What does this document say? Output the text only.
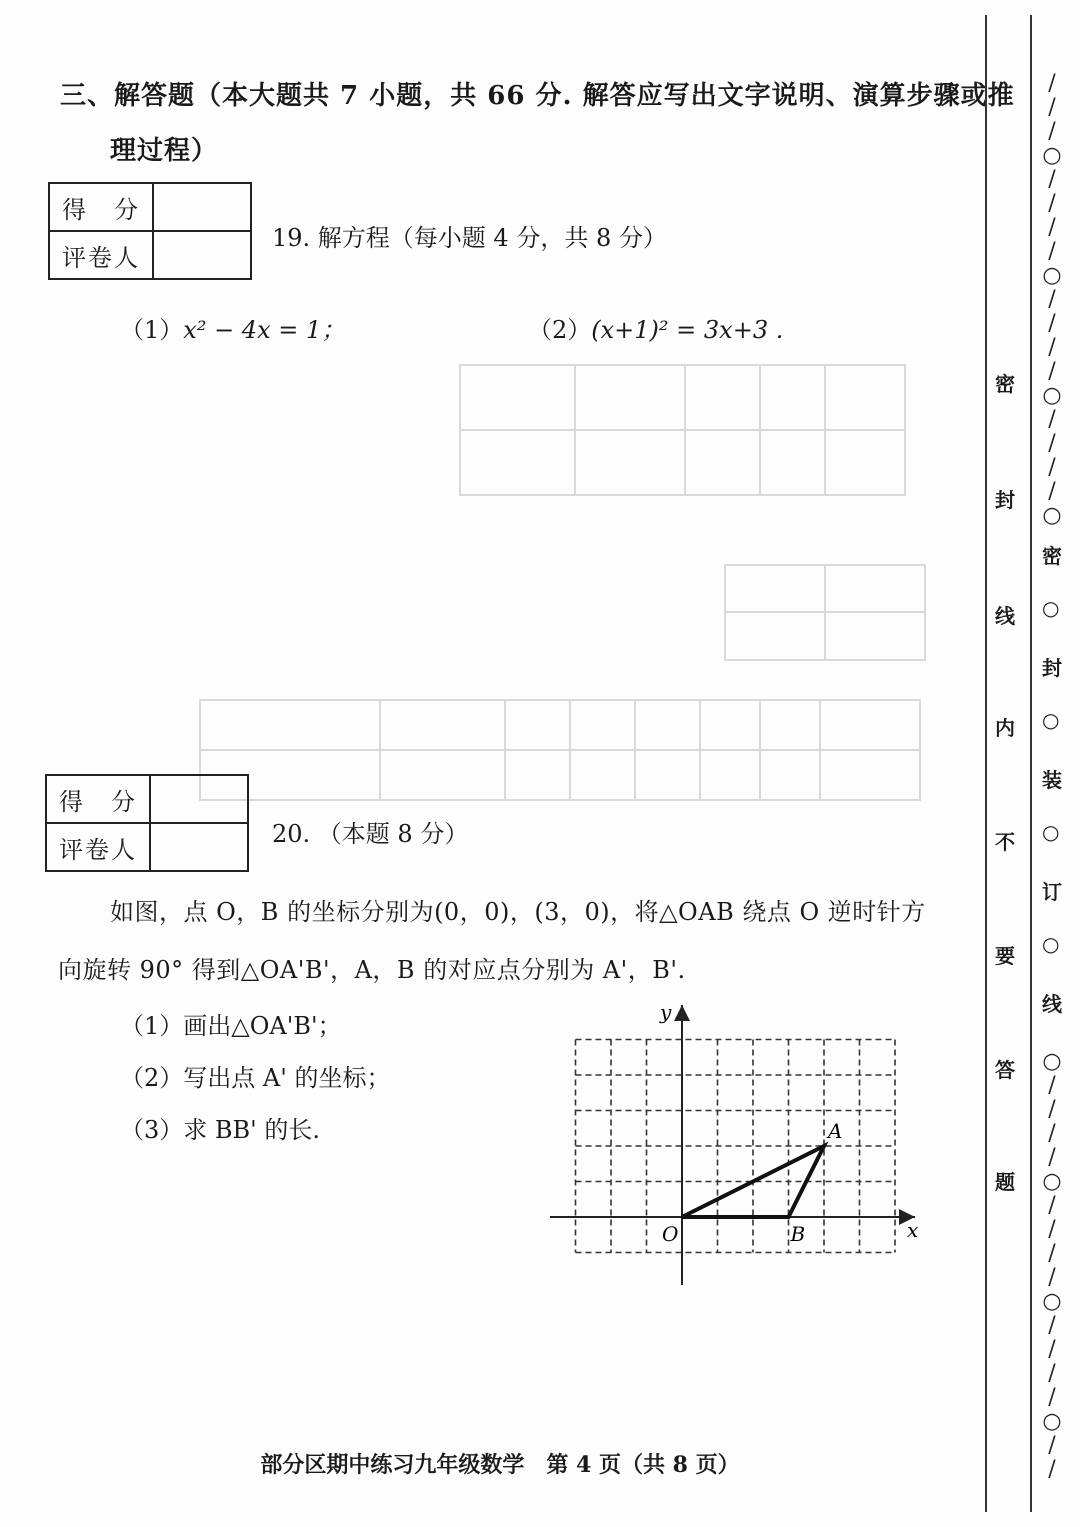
三、解答题（本大题共 7 小题，共 66 分. 解答应写出文字说明、演算步骤或推
理过程）
得　分	
评卷人	
19. 解方程（每小题 4 分，共 8 分）
（1）x² − 4x = 1；	（2）(x+1)² = 3x+3 .
得　分	
评卷人	
20. （本题 8 分）
如图，点 O，B 的坐标分别为(0，0)，(3，0)，将△OAB 绕点 O 逆时针方
向旋转 90° 得到△OA'B'，A，B 的对应点分别为 A'，B'.
（1）画出△OA'B'；
（2）写出点 A' 的坐标；
（3）求 BB' 的长.
x
y
O
A
B
密
封
线
内
不
要
答
题
/
/
/
○
/
/
/
/
○
/
/
/
/
○
/
/
/
/
○
密
○
封
○
装
○
订
○
线
○
/
/
/
/
○
/
/
/
/
○
/
/
/
/
○
/
/
部分区期中练习九年级数学　第 4 页（共 8 页）
